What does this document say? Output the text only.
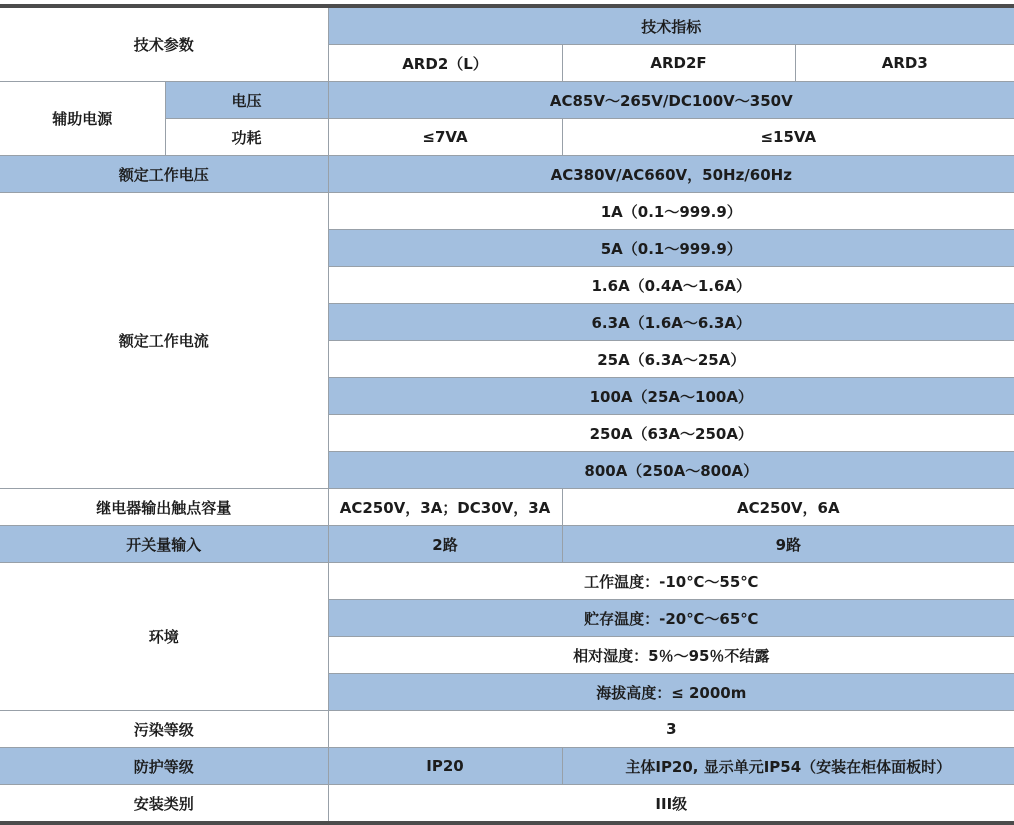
技术参数		技术指标		
		ARD2（L）	ARD2F	ARD3
辅助电源	电压	AC85V～265V/DC100V～350V		
	功耗	≤7VA	≤15VA	
额定工作电压		AC380V/AC660V，50Hz/60Hz		
额定工作电流		1A（0.1～999.9）		
		5A（0.1～999.9）		
		1.6A（0.4A～1.6A）		
		6.3A（1.6A～6.3A）		
		25A（6.3A～25A）		
		100A（25A～100A）		
		250A（63A～250A）		
		800A（250A～800A）		
继电器输出触点容量		AC250V，3A；DC30V，3A	AC250V，6A	
开关量输入		2路	9路	
环境		工作温度：-10℃～55℃		
		贮存温度：-20℃～65℃		
		相对湿度：5％～95％不结露		
		海拔高度：≤ 2000m		
污染等级		3		
防护等级		IP20	主体IP20, 显示单元IP54（安装在柜体面板时）	
安装类别		III级		
